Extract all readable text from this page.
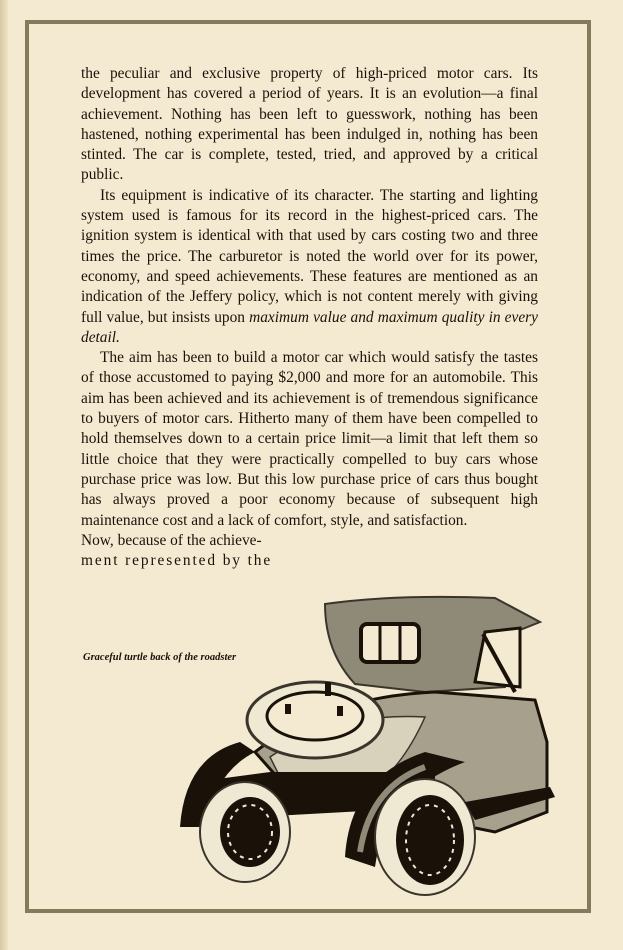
the peculiar and exclusive property of high-priced motor cars. Its development has covered a period of years. It is an evolution—a final achievement. Nothing has been left to guesswork, nothing has been hastened, nothing experimental has been indulged in, nothing has been stinted. The car is complete, tested, tried, and approved by a critical public.

Its equipment is indicative of its character. The starting and lighting system used is famous for its record in the highest-priced cars. The ignition system is identical with that used by cars costing two and three times the price. The carburetor is noted the world over for its power, economy, and speed achievements. These features are mentioned as an indication of the Jeffery policy, which is not content merely with giving full value, but insists upon maximum value and maximum quality in every detail.

The aim has been to build a motor car which would satisfy the tastes of those accustomed to paying $2,000 and more for an automobile. This aim has been achieved and its achievement is of tremendous significance to buyers of motor cars. Hitherto many of them have been compelled to hold themselves down to a certain price limit—a limit that left them so little choice that they were practically compelled to buy cars whose purchase price was low. But this low purchase price of cars thus bought has always proved a poor economy because of subsequent high maintenance cost and a lack of comfort, style, and satisfaction.

Now, because of the achieve-
ment represented by the
Graceful turtle back of the roadster
